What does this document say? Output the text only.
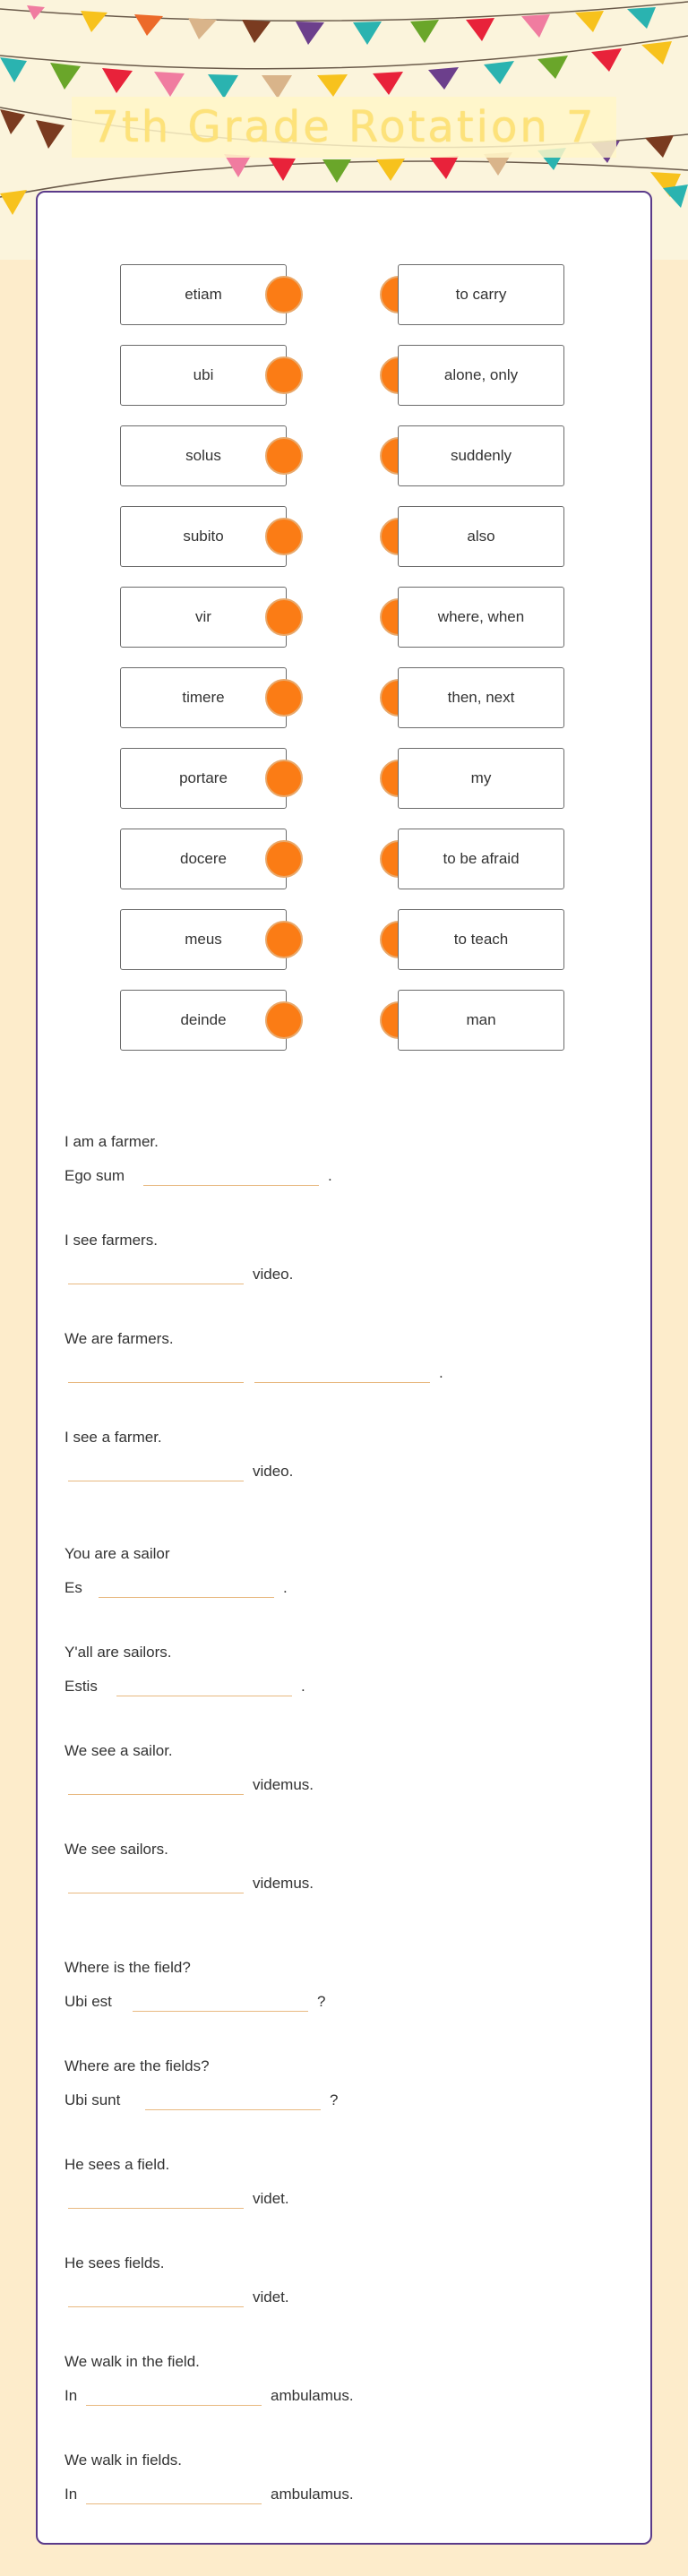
7th Grade Rotation 7
etiam	to carry
ubi	alone, only
solus	suddenly
subito	also
vir	where, when
timere	then, next
portare	my
docere	to be afraid
meus	to teach
deinde	man
I am a farmer.
Ego sum	.
I see farmers.
video.
We are farmers.
.
I see a farmer.
video.
You are a sailor
Es	.
Y'all are sailors.
Estis	.
We see a sailor.
videmus.
We see sailors.
videmus.
Where is the field?
Ubi est	?
Where are the fields?
Ubi sunt	?
He sees a field.
videt.
He sees fields.
videt.
We walk in the field.
In	ambulamus.
We walk in fields.
In	ambulamus.
